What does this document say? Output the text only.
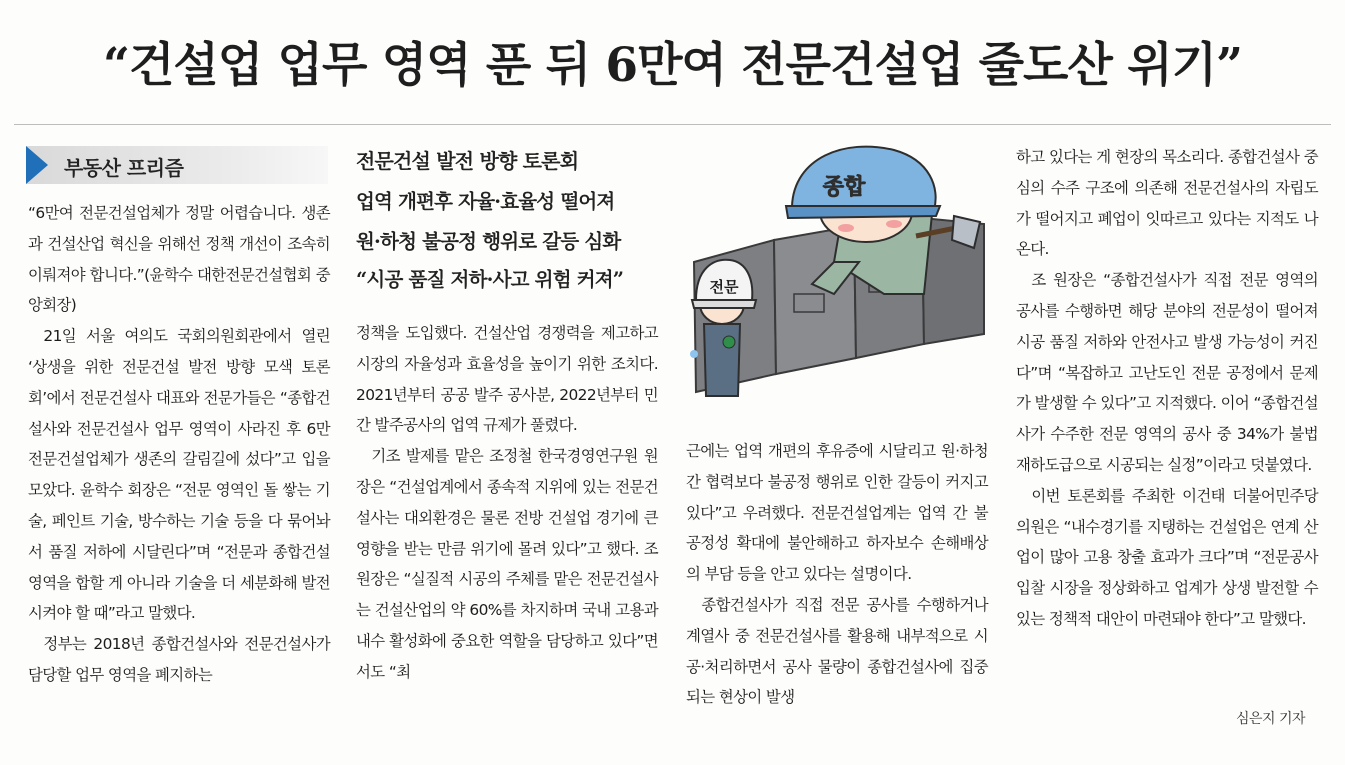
“건설업 업무 영역 푼 뒤 6만여 전문건설업 줄도산 위기”
부동산 프리즘

“6만여 전문건설업체가 정말 어렵습니다. 생존과 건설산업 혁신을 위해선 정책 개선이 조속히 이뤄져야 합니다.”(윤학수 대한전문건설협회 중앙회장)

21일 서울 여의도 국회의원회관에서 열린 ‘상생을 위한 전문건설 발전 방향 모색 토론회’에서 전문건설사 대표와 전문가들은 “종합건설사와 전문건설사 업무 영역이 사라진 후 6만 전문건설업체가 생존의 갈림길에 섰다”고 입을 모았다. 윤학수 회장은 “전문 영역인 돌 쌓는 기술, 페인트 기술, 방수하는 기술 등을 다 묶어놔서 품질 저하에 시달린다”며 “전문과 종합건설 영역을 합할 게 아니라 기술을 더 세분화해 발전시켜야 할 때”라고 말했다.

정부는 2018년 종합건설사와 전문건설사가 담당할 업무 영역을 폐지하는

전문건설 발전 방향 토론회
업역 개편후 자율·효율성 떨어져
원·하청 불공정 행위로 갈등 심화
“시공 품질 저하·사고 위험 커져”

정책을 도입했다. 건설산업 경쟁력을 제고하고 시장의 자율성과 효율성을 높이기 위한 조치다. 2021년부터 공공 발주 공사분, 2022년부터 민간 발주공사의 업역 규제가 풀렸다.

기조 발제를 맡은 조정철 한국경영연구원 원장은 “건설업계에서 종속적 지위에 있는 전문건설사는 대외환경은 물론 전방 건설업 경기에 큰 영향을 받는 만큼 위기에 몰려 있다”고 했다. 조 원장은 “실질적 시공의 주체를 맡은 전문건설사는 건설산업의 약 60%를 차지하며 국내 고용과 내수 활성화에 중요한 역할을 담당하고 있다”면서도 “최

종합
전문

근에는 업역 개편의 후유증에 시달리고 원·하청 간 협력보다 불공정 행위로 인한 갈등이 커지고 있다”고 우려했다. 전문건설업계는 업역 간 불공정성 확대에 불안해하고 하자보수 손해배상의 부담 등을 안고 있다는 설명이다.

종합건설사가 직접 전문 공사를 수행하거나 계열사 중 전문건설사를 활용해 내부적으로 시공·처리하면서 공사 물량이 종합건설사에 집중되는 현상이 발생

하고 있다는 게 현장의 목소리다. 종합건설사 중심의 수주 구조에 의존해 전문건설사의 자립도가 떨어지고 폐업이 잇따르고 있다는 지적도 나온다.

조 원장은 “종합건설사가 직접 전문 영역의 공사를 수행하면 해당 분야의 전문성이 떨어져 시공 품질 저하와 안전사고 발생 가능성이 커진다”며 “복잡하고 고난도인 전문 공정에서 문제가 발생할 수 있다”고 지적했다. 이어 “종합건설사가 수주한 전문 영역의 공사 중 34%가 불법 재하도급으로 시공되는 실정”이라고 덧붙였다.

이번 토론회를 주최한 이건태 더불어민주당 의원은 “내수경기를 지탱하는 건설업은 연계 산업이 많아 고용 창출 효과가 크다”며 “전문공사 입찰 시장을 정상화하고 업계가 상생 발전할 수 있는 정책적 대안이 마련돼야 한다”고 말했다.

심은지 기자
